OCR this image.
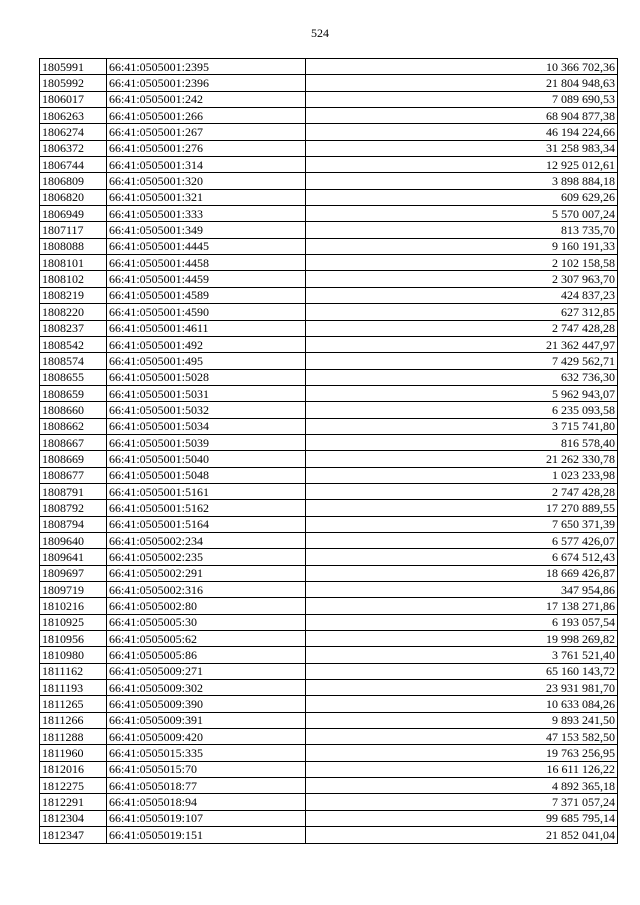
524
1805991	66:41:0505001:2395	10 366 702,36
1805992	66:41:0505001:2396	21 804 948,63
1806017	66:41:0505001:242	7 089 690,53
1806263	66:41:0505001:266	68 904 877,38
1806274	66:41:0505001:267	46 194 224,66
1806372	66:41:0505001:276	31 258 983,34
1806744	66:41:0505001:314	12 925 012,61
1806809	66:41:0505001:320	3 898 884,18
1806820	66:41:0505001:321	609 629,26
1806949	66:41:0505001:333	5 570 007,24
1807117	66:41:0505001:349	813 735,70
1808088	66:41:0505001:4445	9 160 191,33
1808101	66:41:0505001:4458	2 102 158,58
1808102	66:41:0505001:4459	2 307 963,70
1808219	66:41:0505001:4589	424 837,23
1808220	66:41:0505001:4590	627 312,85
1808237	66:41:0505001:4611	2 747 428,28
1808542	66:41:0505001:492	21 362 447,97
1808574	66:41:0505001:495	7 429 562,71
1808655	66:41:0505001:5028	632 736,30
1808659	66:41:0505001:5031	5 962 943,07
1808660	66:41:0505001:5032	6 235 093,58
1808662	66:41:0505001:5034	3 715 741,80
1808667	66:41:0505001:5039	816 578,40
1808669	66:41:0505001:5040	21 262 330,78
1808677	66:41:0505001:5048	1 023 233,98
1808791	66:41:0505001:5161	2 747 428,28
1808792	66:41:0505001:5162	17 270 889,55
1808794	66:41:0505001:5164	7 650 371,39
1809640	66:41:0505002:234	6 577 426,07
1809641	66:41:0505002:235	6 674 512,43
1809697	66:41:0505002:291	18 669 426,87
1809719	66:41:0505002:316	347 954,86
1810216	66:41:0505002:80	17 138 271,86
1810925	66:41:0505005:30	6 193 057,54
1810956	66:41:0505005:62	19 998 269,82
1810980	66:41:0505005:86	3 761 521,40
1811162	66:41:0505009:271	65 160 143,72
1811193	66:41:0505009:302	23 931 981,70
1811265	66:41:0505009:390	10 633 084,26
1811266	66:41:0505009:391	9 893 241,50
1811288	66:41:0505009:420	47 153 582,50
1811960	66:41:0505015:335	19 763 256,95
1812016	66:41:0505015:70	16 611 126,22
1812275	66:41:0505018:77	4 892 365,18
1812291	66:41:0505018:94	7 371 057,24
1812304	66:41:0505019:107	99 685 795,14
1812347	66:41:0505019:151	21 852 041,04
